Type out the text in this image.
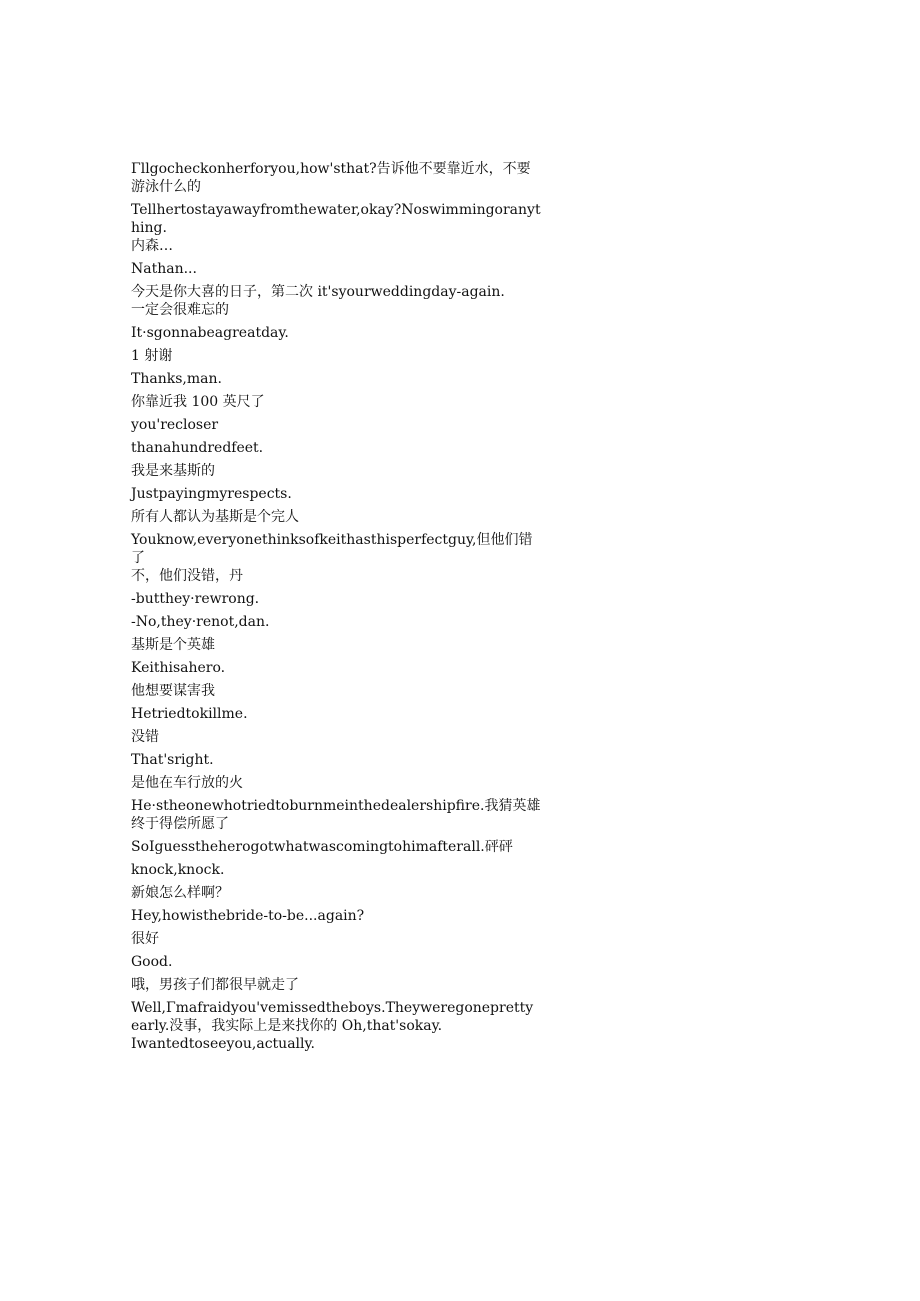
Γllgocheckonherforyou,how'sthat?告诉他不要靠近水，不要游泳什么的
Tellhertostayawayfromthewater,okay?Noswimmingoranything.
内森…
Nathan...
今天是你大喜的日子，第二次 it'syourweddingday-again.
一定会很难忘的
It·sgonnabeagreatday.
1 射谢
Thanks,man.
你靠近我 100 英尺了
you'recloser
thanahundredfeet.
我是来基斯的
Justpayingmyrespects.
所有人都认为基斯是个完人
Youknow,everyonethinksofkeithasthisperfectguy,但他们错了
不，他们没错，丹
-butthey·rewrong.
-No,they·renot,dan.
基斯是个英雄
Keithisahero.
他想要谋害我
Hetriedtokillme.
没错
That'sright.
是他在车行放的火
He·stheonewhotriedtoburnmeinthedealershipfire.我猜英雄
终于得偿所愿了
SoIguesstheherogotwhatwascomingtohimafterall.砰砰
knock,knock.
新娘怎么样啊？
Hey,howisthebride-to-be...again?
很好
Good.
哦，男孩子们都很早就走了
Well,Γmafraidyou'vemissedtheboys.Theyweregoneprettyearly.没事，我实际上是来找你的 Oh,that'sokay.
Iwantedtoseeyou,actually.
